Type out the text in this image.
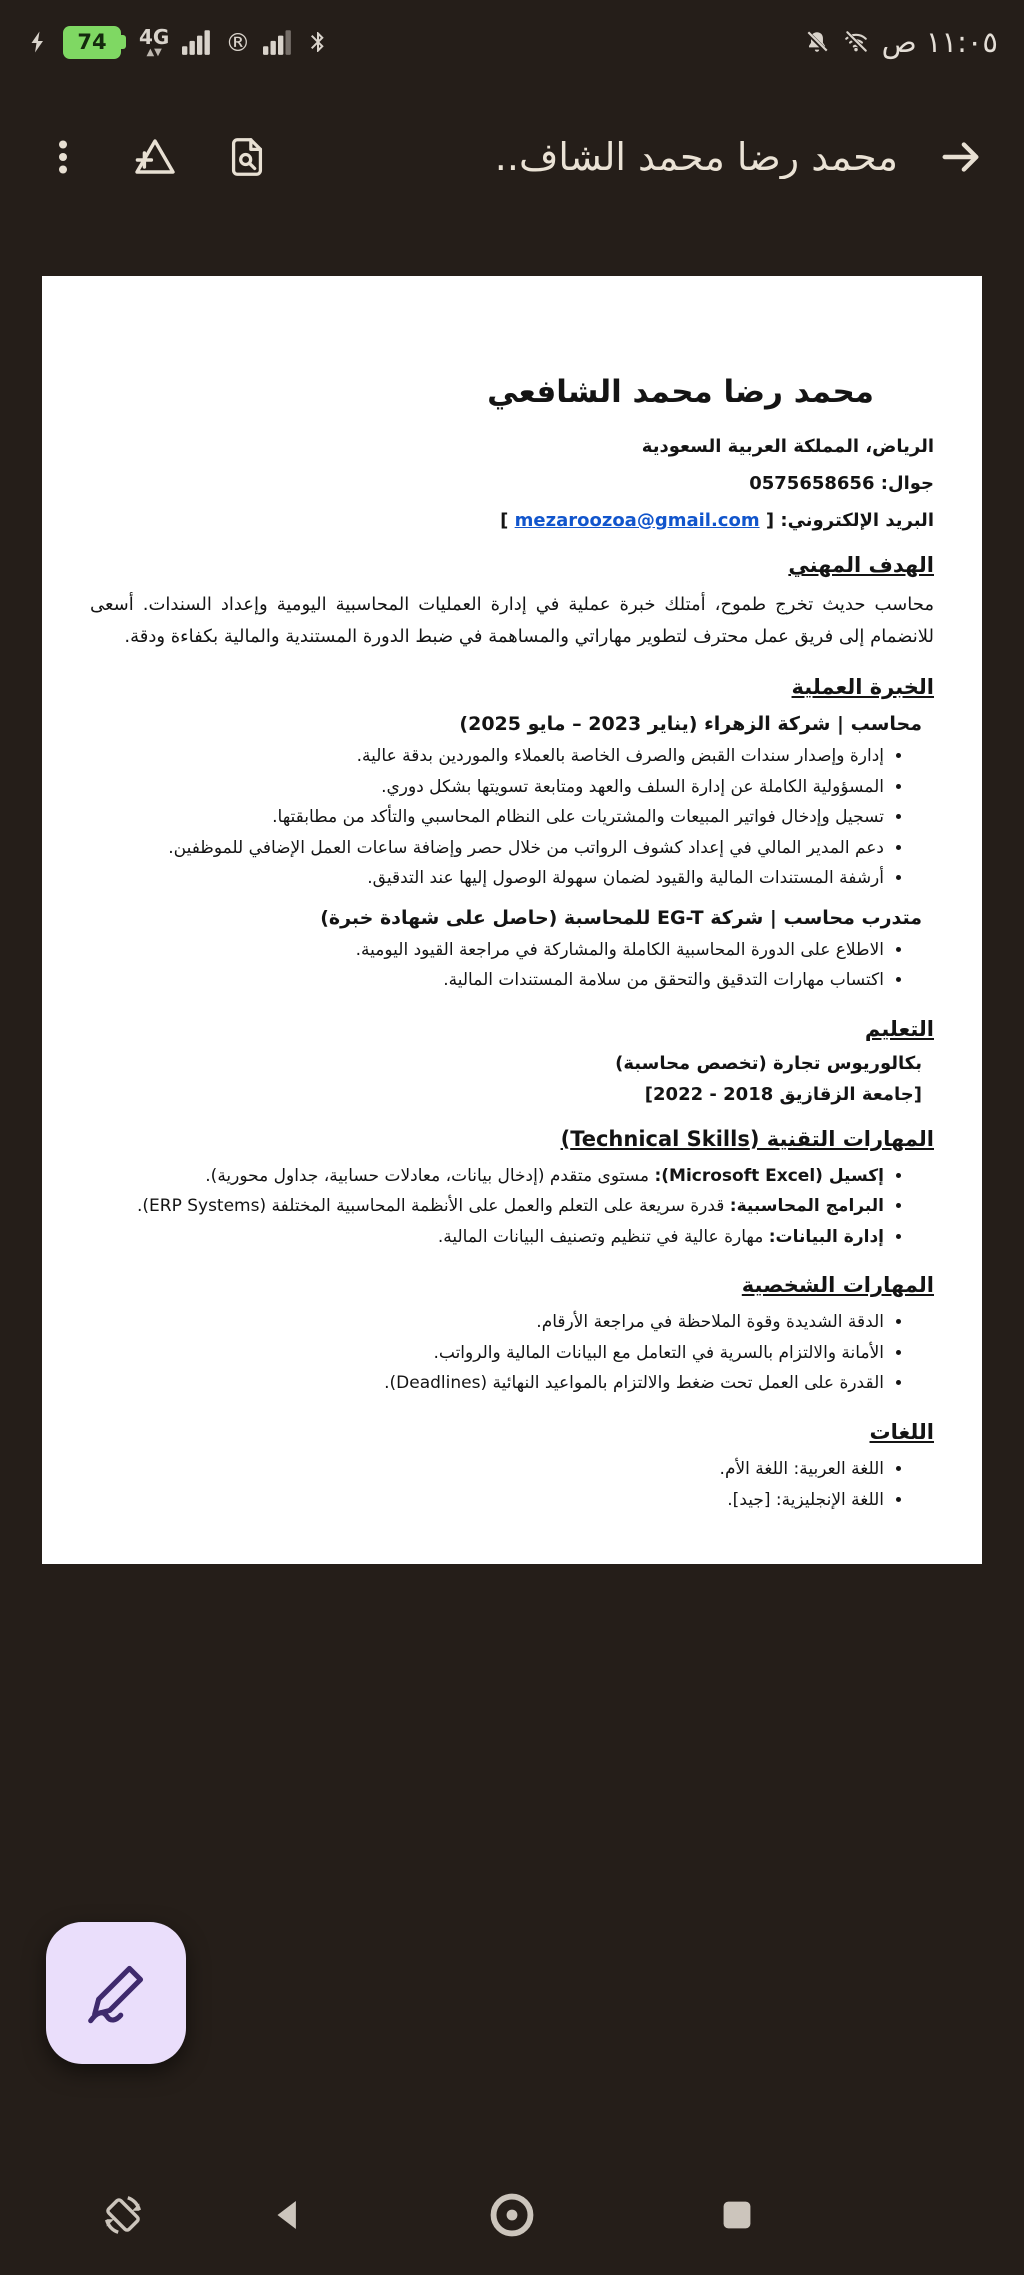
74	4G
▲▼	®	١١:٠٥ ص
محمد رضا محمد الشاف..
محمد رضا محمد الشافعي
الرياض، المملكة العربية السعودية
جوال: 0575658656
البريد الإلكتروني: [ mezaroozoa@gmail.com ]
الهدف المهني
محاسب حديث تخرج طموح، أمتلك خبرة عملية في إدارة العمليات المحاسبية اليومية وإعداد السندات. أسعى للانضمام إلى فريق عمل محترف لتطوير مهاراتي والمساهمة في ضبط الدورة المستندية والمالية بكفاءة ودقة.
الخبرة العملية
محاسب | شركة الزهراء (يناير 2023 – مايو 2025)
• إدارة وإصدار سندات القبض والصرف الخاصة بالعملاء والموردين بدقة عالية.
• المسؤولية الكاملة عن إدارة السلف والعهد ومتابعة تسويتها بشكل دوري.
• تسجيل وإدخال فواتير المبيعات والمشتريات على النظام المحاسبي والتأكد من مطابقتها.
• دعم المدير المالي في إعداد كشوف الرواتب من خلال حصر وإضافة ساعات العمل الإضافي للموظفين.
• أرشفة المستندات المالية والقيود لضمان سهولة الوصول إليها عند التدقيق.
متدرب محاسب | شركة EG-T للمحاسبة (حاصل على شهادة خبرة)
• الاطلاع على الدورة المحاسبية الكاملة والمشاركة في مراجعة القيود اليومية.
• اكتساب مهارات التدقيق والتحقق من سلامة المستندات المالية.
التعليم
بكالوريوس تجارة (تخصص محاسبة)
[جامعة الزقازيق 2018 - 2022]
المهارات التقنية (Technical Skills)
• إكسيل (Microsoft Excel): مستوى متقدم (إدخال بيانات، معادلات حسابية، جداول محورية).
• البرامج المحاسبية: قدرة سريعة على التعلم والعمل على الأنظمة المحاسبية المختلفة (ERP Systems).
• إدارة البيانات: مهارة عالية في تنظيم وتصنيف البيانات المالية.
المهارات الشخصية
• الدقة الشديدة وقوة الملاحظة في مراجعة الأرقام.
• الأمانة والالتزام بالسرية في التعامل مع البيانات المالية والرواتب.
• القدرة على العمل تحت ضغط والالتزام بالمواعيد النهائية (Deadlines).
اللغات
• اللغة العربية: اللغة الأم.
• اللغة الإنجليزية: [جيد].
